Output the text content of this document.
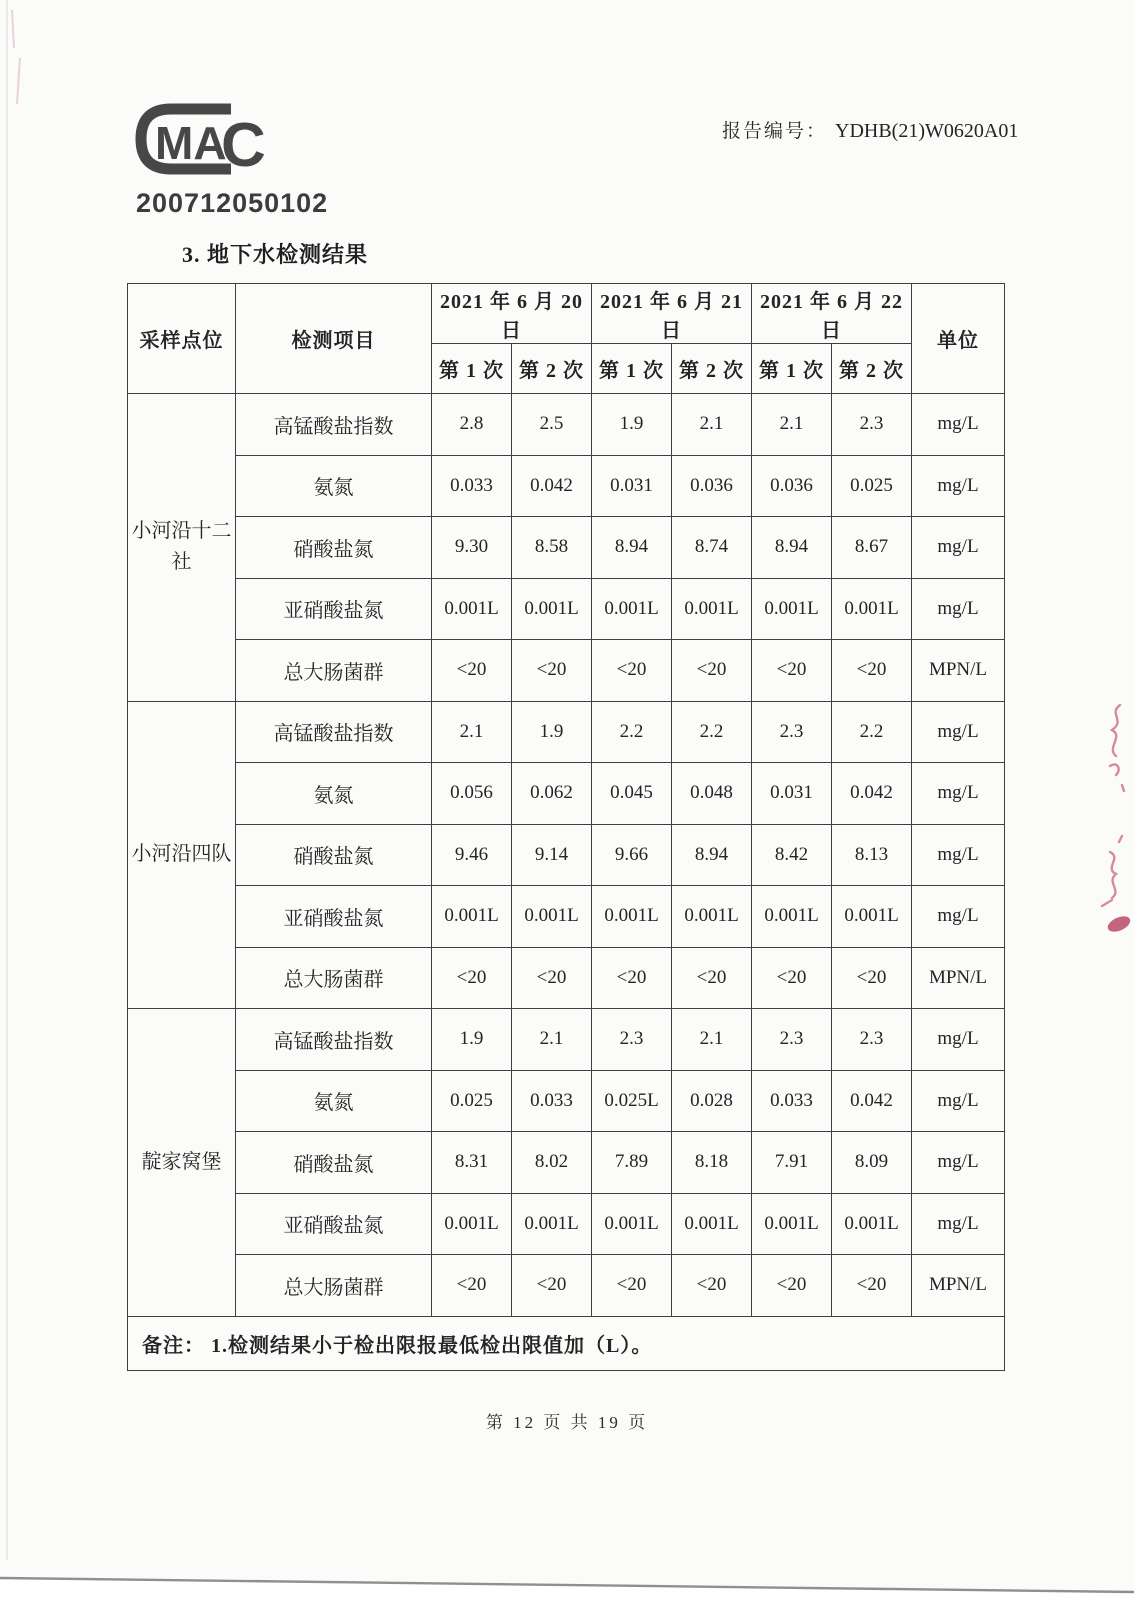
MA
C
200712050102
报告编号： YDHB(21)W0620A01
3. 地下水检测结果
采样点位	检测项目	2021 年 6 月 20 日		2021 年 6 月 21 日		2021 年 6 月 22 日		单位
		第 1 次	第 2 次	第 1 次	第 2 次	第 1 次	第 2 次	
小河沿十二社	高锰酸盐指数	2.8	2.5	1.9	2.1	2.1	2.3	mg/L
	氨氮	0.033	0.042	0.031	0.036	0.036	0.025	mg/L
	硝酸盐氮	9.30	8.58	8.94	8.74	8.94	8.67	mg/L
	亚硝酸盐氮	0.001L	0.001L	0.001L	0.001L	0.001L	0.001L	mg/L
	总大肠菌群	<20	<20	<20	<20	<20	<20	MPN/L
小河沿四队	高锰酸盐指数	2.1	1.9	2.2	2.2	2.3	2.2	mg/L
	氨氮	0.056	0.062	0.045	0.048	0.031	0.042	mg/L
	硝酸盐氮	9.46	9.14	9.66	8.94	8.42	8.13	mg/L
	亚硝酸盐氮	0.001L	0.001L	0.001L	0.001L	0.001L	0.001L	mg/L
	总大肠菌群	<20	<20	<20	<20	<20	<20	MPN/L
靛家窝堡	高锰酸盐指数	1.9	2.1	2.3	2.1	2.3	2.3	mg/L
	氨氮	0.025	0.033	0.025L	0.028	0.033	0.042	mg/L
	硝酸盐氮	8.31	8.02	7.89	8.18	7.91	8.09	mg/L
	亚硝酸盐氮	0.001L	0.001L	0.001L	0.001L	0.001L	0.001L	mg/L
	总大肠菌群	<20	<20	<20	<20	<20	<20	MPN/L
备注： 1.检测结果小于检出限报最低检出限值加（L）。								
第 12 页 共 19 页
